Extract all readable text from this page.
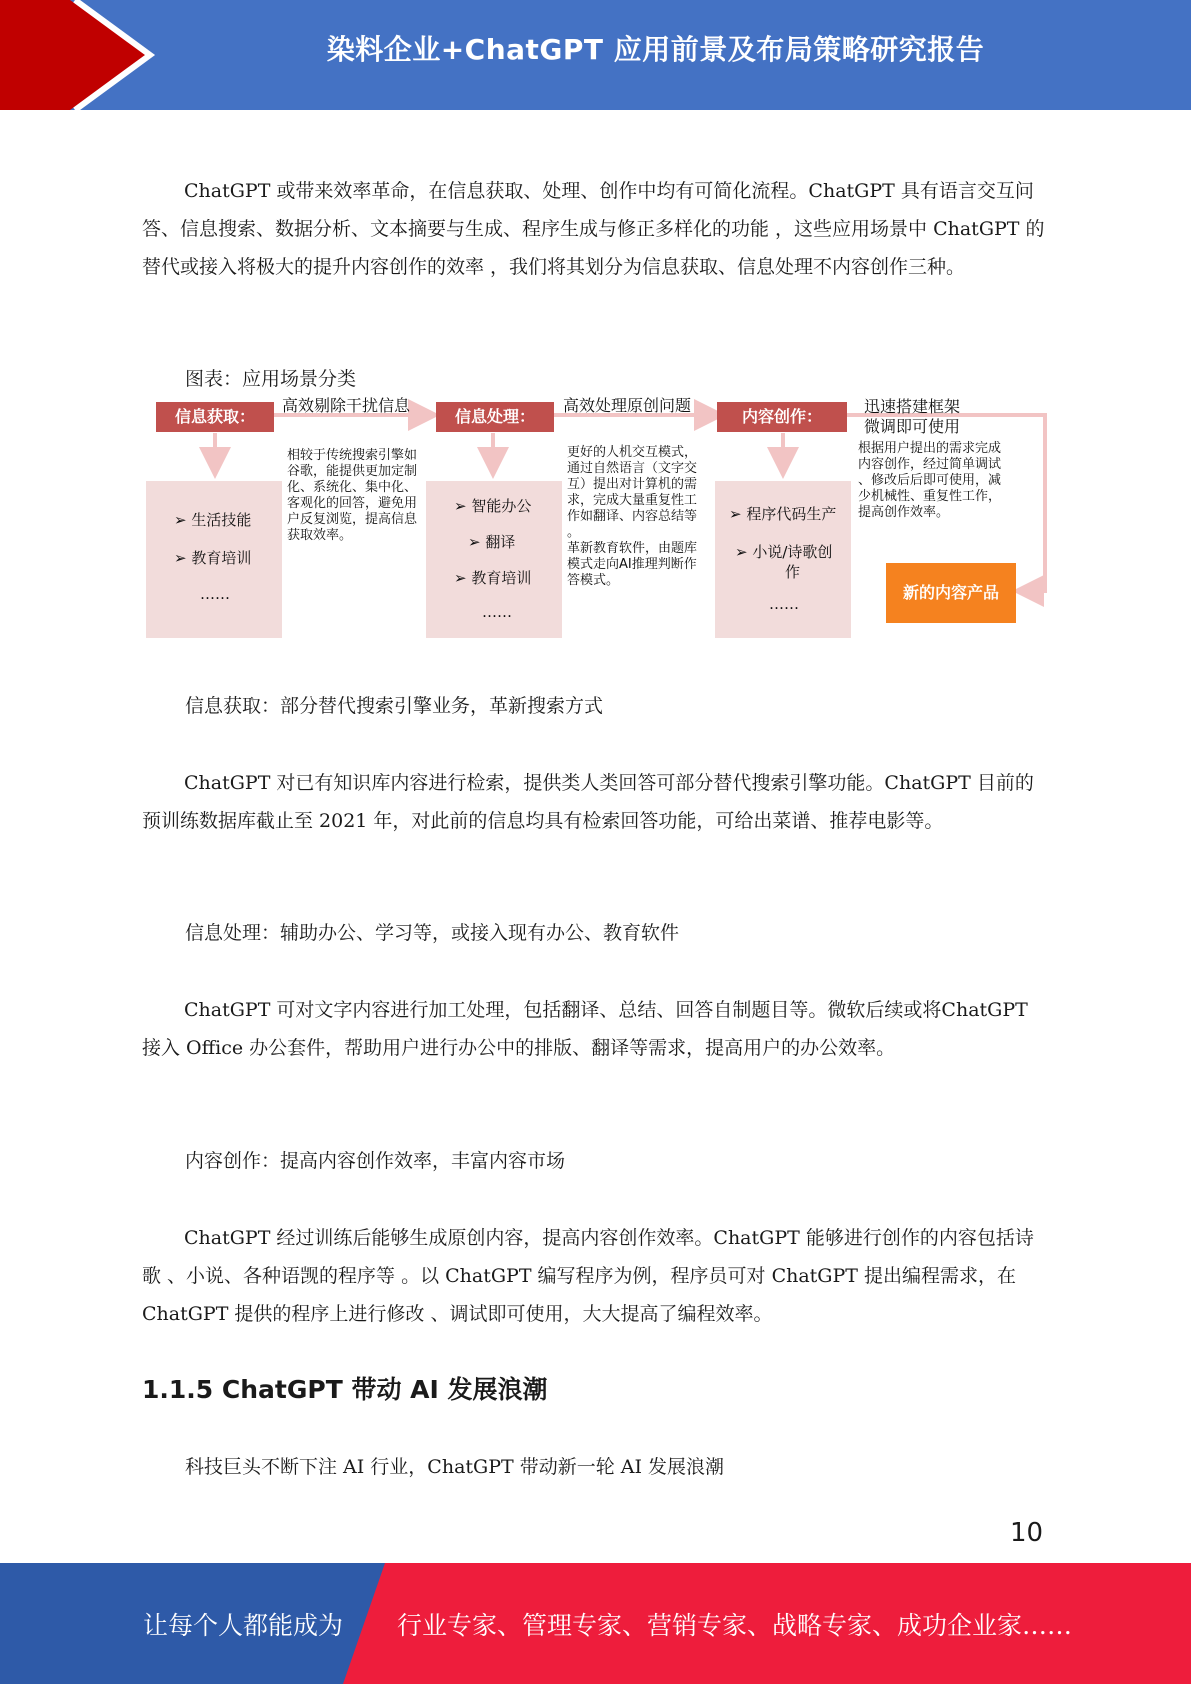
染料企业+ChatGPT 应用前景及布局策略研究报告

ChatGPT 或带来效率革命，在信息获取、处理、创作中均有可简化流程。ChatGPT 具有语言交互问答、信息搜索、数据分析、文本摘要与生成、程序生成与修正多样化的功能 ，这些应用场景中 ChatGPT 的替代或接入将极大的提升内容创作的效率 ，我们将其划分为信息获取、信息处理不内容创作三种。

图表：应用场景分类

信息获取：
➢ 生活技能
➢ 教育培训
……
高效剔除干扰信息
相较于传统搜索引擎如
谷歌，能提供更加定制
化、系统化、集中化、
客观化的回答，避免用
户反复浏览，提高信息
获取效率。
信息处理：
➢ 智能办公
➢ 翻译
➢ 教育培训
……
高效处理原创问题
更好的人机交互模式，
通过自然语言（文字交
互）提出对计算机的需
求，完成大量重复性工
作如翻译、内容总结等
。
革新教育软件，由题库
模式走向AI推理判断作
答模式。
内容创作：
➢ 程序代码生产
➢ 小说/诗歌创
作
……
迅速搭建框架
微调即可使用
根据用户提出的需求完成
内容创作，经过简单调试
、修改后后即可使用，减
少机械性、重复性工作，
提高创作效率。
新的内容产品

信息获取：部分替代搜索引擎业务，革新搜索方式

ChatGPT 对已有知识库内容进行检索，提供类人类回答可部分替代搜索引擎功能。ChatGPT 目前的预训练数据库截止至 2021 年，对此前的信息均具有检索回答功能，可给出菜谱、推荐电影等。

信息处理：辅助办公、学习等，或接入现有办公、教育软件

ChatGPT 可对文字内容进行加工处理，包括翻译、总结、回答自制题目等。微软后续或将ChatGPT 接入 Office 办公套件，帮助用户进行办公中的排版、翻译等需求，提高用户的办公效率。

内容创作：提高内容创作效率，丰富内容市场

ChatGPT 经过训练后能够生成原创内容，提高内容创作效率。ChatGPT 能够进行创作的内容包括诗歌 、小说、各种语觊的程序等 。以 ChatGPT 编写程序为例，程序员可对 ChatGPT 提出编程需求，在 ChatGPT 提供的程序上进行修改 、调试即可使用，大大提高了编程效率。

1.1.5 ChatGPT 带动 AI 发展浪潮

科技巨头不断下注 AI 行业，ChatGPT 带动新一轮 AI 发展浪潮

10
让每个人都能成为 行业专家、管理专家、营销专家、战略专家、成功企业家……
